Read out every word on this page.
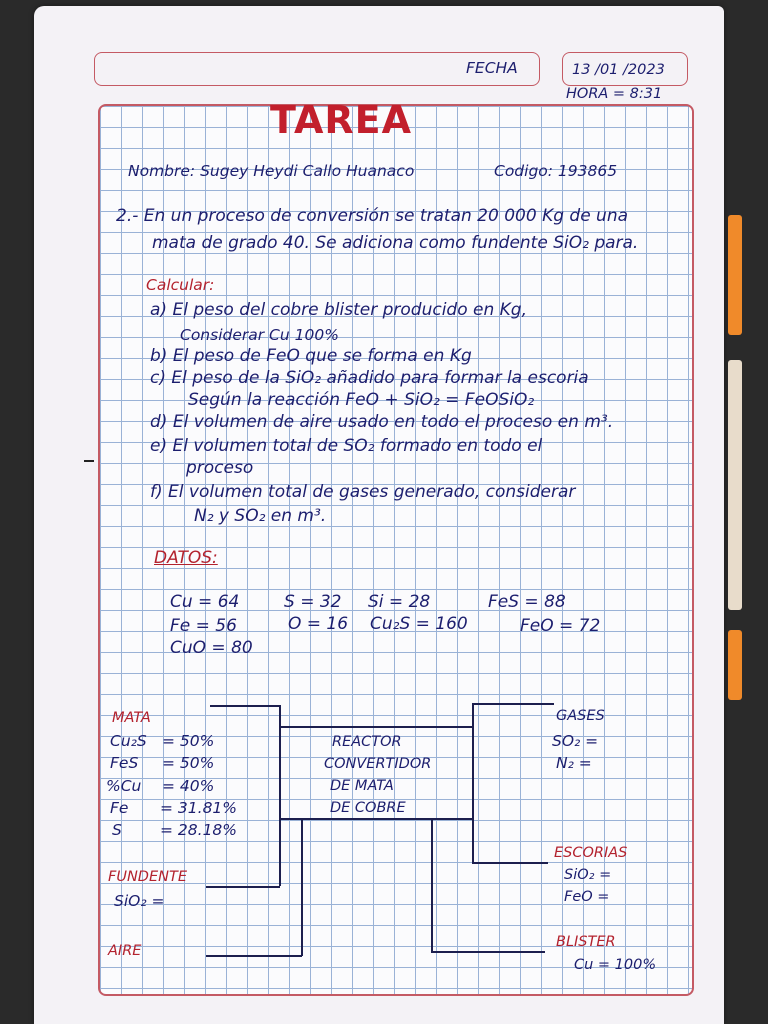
FECHA	13 /01 /2023
HORA = 8:31
TAREA
Nombre: Sugey Heydi Callo Huanaco	Codigo: 193865
2.- En un proceso de conversión se tratan 20 000 Kg de una
mata de grado 40. Se adiciona como fundente SiO₂ para.
Calcular:
a) El peso del cobre blister producido en Kg,
Considerar Cu 100%
b) El peso de FeO que se forma en Kg
c) El peso de la SiO₂ añadido para formar la escoria
Según la reacción FeO + SiO₂ = FeOSiO₂
d) El volumen de aire usado en todo el proceso en m³.
e) El volumen total de SO₂ formado en todo el
proceso
f) El volumen total de gases generado, considerar
N₂ y SO₂ en m³.
DATOS:
Cu = 64	S = 32 Si = 28	FeS = 88
Fe = 56	O = 16 Cu₂S = 160	FeO = 72
CuO = 80
MATA
Cu₂S = 50%
FeS = 50%
%Cu = 40%
Fe = 31.81%
S = 28.18%
REACTOR
CONVERTIDOR
DE MATA
DE COBRE
GASES
SO₂ =
N₂ =
ESCORIAS
SiO₂ =
FeO =
FUNDENTE
SiO₂ =
AIRE
BLISTER
Cu = 100%
